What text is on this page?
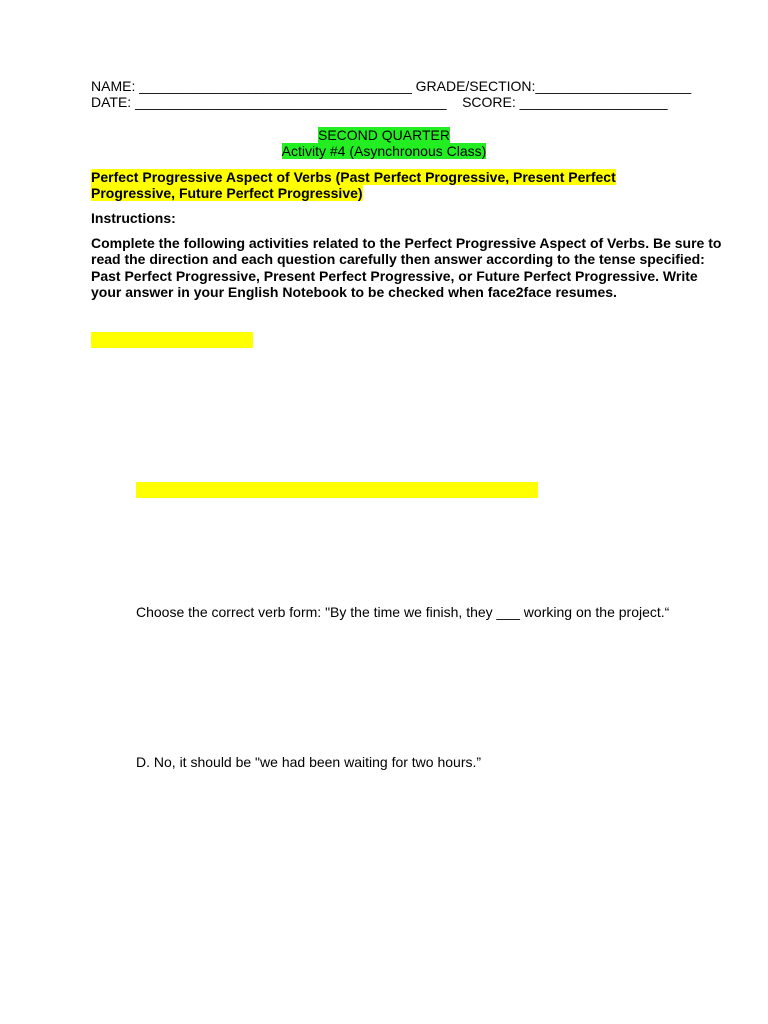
NAME: ___________________________________ GRADE/SECTION:____________________
DATE: ________________________________________    SCORE: ___________________
SECOND QUARTER
Activity #4 (Asynchronous Class)
Perfect Progressive Aspect of Verbs (Past Perfect Progressive, Present Perfect
Progressive, Future Perfect Progressive)
Instructions:
Complete the following activities related to the Perfect Progressive Aspect of Verbs. Be sure to read the direction and each question carefully then answer according to the tense specified: Past Perfect Progressive, Present Perfect Progressive, or Future Perfect Progressive. Write your answer in your English Notebook to be checked when face2face resumes.
Choose the correct verb form: "By the time we finish, they ___ working on the project.“
D. No, it should be "we had been waiting for two hours.”
